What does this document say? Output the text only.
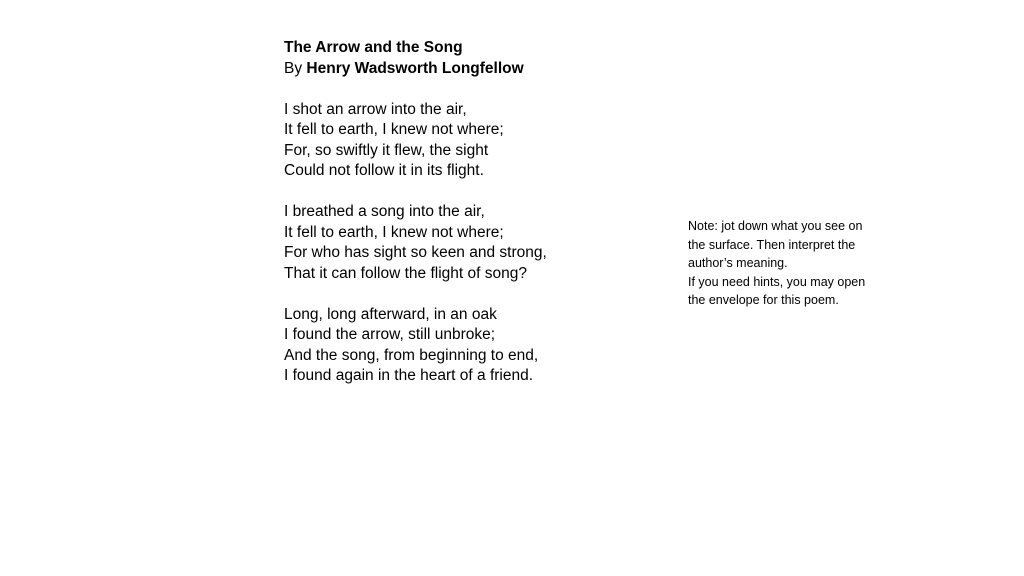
The Arrow and the Song

By Henry Wadsworth Longfellow

I shot an arrow into the air,
It fell to earth, I knew not where;
For, so swiftly it flew, the sight
Could not follow it in its flight.
I breathed a song into the air,
It fell to earth, I knew not where;
For who has sight so keen and strong,
That it can follow the flight of song?
Long, long afterward, in an oak
I found the arrow, still unbroke;
And the song, from beginning to end,
I found again in the heart of a friend.
Note: jot down what you see on
the surface. Then interpret the
author’s meaning.
If you need hints, you may open
the envelope for this poem.
